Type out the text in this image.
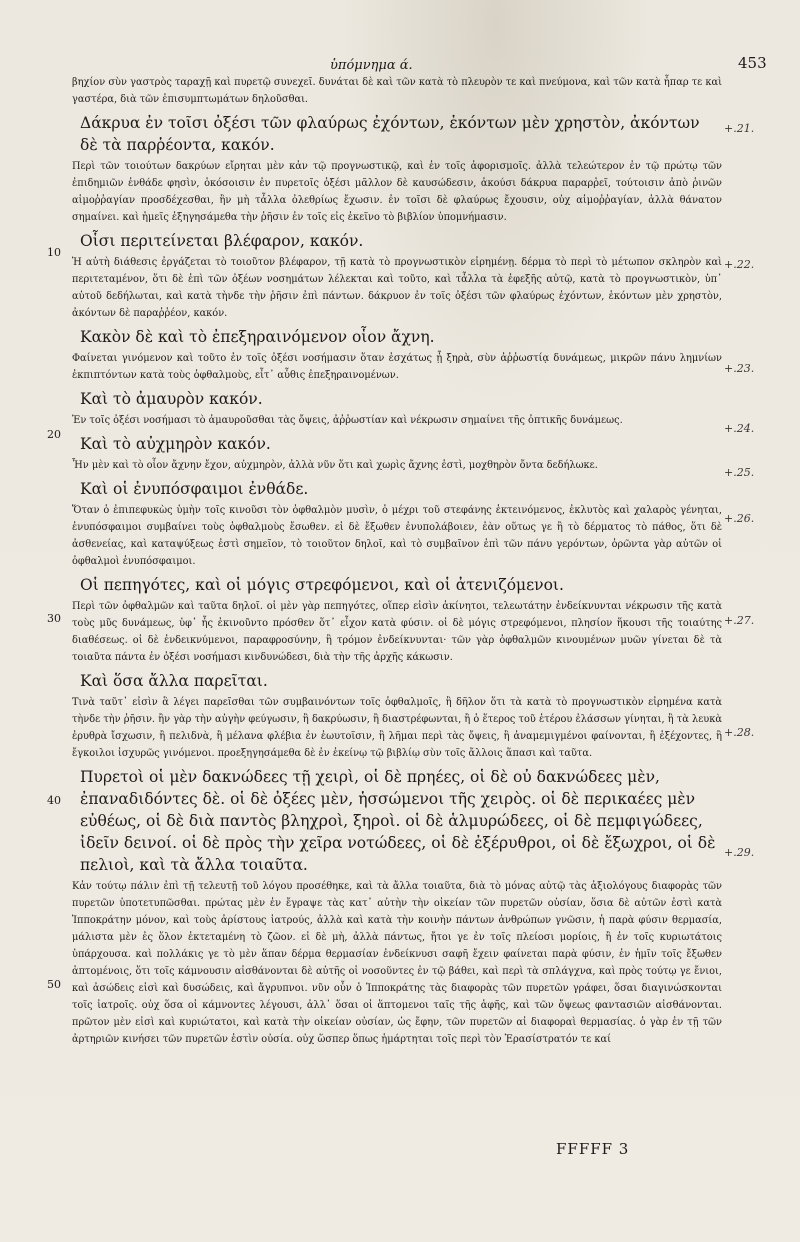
ὑπόμνημα ά.	453

βηχίον σὺν γαστρὸς ταραχῇ καὶ πυρετῷ συνεχεῖ. δυνάται δὲ καὶ τῶν κατὰ τὸ πλευρὸν τε καὶ πνεύμονα, καὶ τῶν κατὰ ἧπαρ τε καὶ γαστέρα, διὰ τῶν ἐπισυμπτωμάτων δηλοῦσθαι.

Δάκρυα ἐν τοῖσι ὀξέσι τῶν φλαύρως ἐχόντων, ἑκόντων μὲν χρηστὸν, ἀκόντων δὲ τὰ παρῥέοντα, κακόν.

Περὶ τῶν τοιούτων δακρύων εἴρηται μὲν κἀν τῷ προγνωστικῷ, καὶ ἐν τοῖς ἀφορισμοῖς. ἀλλὰ τελεώτερον ἐν τῷ πρώτῳ τῶν ἐπιδημιῶν ἐνθάδε φησὶν, ὁκόσοισιν ἐν πυρετοῖς ὀξέσι μᾶλλον δὲ καυσώδεσιν, ἀκούσι δάκρυα παραρῥεῖ, τούτοισιν ἀπὸ ῥινῶν αἱμοῤῥαγίαν προσδέχεσθαι, ἢν μὴ τἆλλα ὀλεθρίως ἔχωσιν. ἐν τοῖσι δὲ φλαύρως ἔχουσιν, οὐχ αἱμοῤῥαγίαν, ἀλλὰ θάνατον σημαίνει. καὶ ἡμεῖς ἐξηγησάμεθα τὴν ῥῆσιν ἐν τοῖς εἰς ἐκεῖνο τὸ βιβλίον ὑπομνήμασιν.

Οἷσι περιτείνεται βλέφαρον, κακόν.

Ἡ αὐτὴ διάθεσις ἐργάζεται τὸ τοιοῦτον βλέφαρον, τῇ κατὰ τὸ προγνωστικὸν εἰρημένῃ. δέρμα τὸ περὶ τὸ μέτωπον σκληρὸν καὶ περιτεταμένον, ὅτι δὲ ἐπὶ τῶν ὀξέων νοσημάτων λέλεκται καὶ τοῦτο, καὶ τἆλλα τὰ ἐφεξῆς αὐτῷ, κατὰ τὸ προγνωστικὸν, ὑπ᾽ αὐτοῦ δεδήλωται, καὶ κατὰ τὴνδε τὴν ῥῆσιν ἐπὶ πάντων. δάκρυον ἐν τοῖς ὀξέσι τῶν φλαύρως ἐχόντων, ἑκόντων μὲν χρηστὸν, ἀκόντων δὲ παραῤῥέον, κακόν.

Κακὸν δὲ καὶ τὸ ἐπεξηραινόμενον οἷον ἄχνη.

Φαίνεται γινόμενον καὶ τοῦτο ἐν τοῖς ὀξέσι νοσήμασιν ὅταν ἐσχάτως ᾖ ξηρὰ, σὺν ἀῤῥωστίᾳ δυνάμεως, μικρῶν πάνυ λημνίων ἐκπιπτόντων κατὰ τοὺς ὀφθαλμοὺς, εἶτ᾽ αὖθις ἐπεξηραινομένων.

Καὶ τὸ ἀμαυρὸν κακόν.

Ἐν τοῖς ὀξέσι νοσήμασι τὸ ἀμαυροῦσθαι τὰς ὄψεις, ἀῤῥωστίαν καὶ νέκρωσιν σημαίνει τῆς ὀπτικῆς δυνάμεως.

Καὶ τὸ αὐχμηρὸν κακόν.

Ἦν μὲν καὶ τὸ οἷον ἄχνην ἔχον, αὐχμηρὸν, ἀλλὰ νῦν ὅτι καὶ χωρὶς ἄχνης ἐστὶ, μοχθηρὸν ὄντα δεδήλωκε.

Καὶ οἱ ἐνυπόσφαιμοι ἐνθάδε.

Ὅταν ὁ ἐπιπεφυκὼς ὑμὴν τοῖς κινοῦσι τὸν ὀφθαλμὸν μυσὶν, ὁ μέχρι τοῦ στεφάνης ἐκτεινόμενος, ἐκλυτὸς καὶ χαλαρὸς γένηται, ἐνυπόσφαιμοι συμβαίνει τοὺς ὀφθαλμοὺς ἔσωθεν. εἰ δὲ ἔξωθεν ἐνυπολάβοιεν, ἐὰν οὕτως γε ἢ τὸ δέρματος τὸ πάθος, ὅτι δὲ ἀσθενείας, καὶ καταψύξεως ἐστὶ σημεῖον, τὸ τοιοῦτον δηλοῖ, καὶ τὸ συμβαῖνον ἐπὶ τῶν πάνυ γερόντων, ὁρῶντα γὰρ αὐτῶν οἱ ὀφθαλμοὶ ἐνυπόσφαιμοι.

Οἱ πεπηγότες, καὶ οἱ μόγις στρεφόμενοι, καὶ οἱ ἀτενιζόμενοι.

Περὶ τῶν ὀφθαλμῶν καὶ ταῦτα δηλοῖ. οἱ μὲν γὰρ πεπηγότες, οἵπερ εἰσὶν ἀκίνητοι, τελεωτάτην ἐνδείκνυνται νέκρωσιν τῆς κατὰ τοὺς μῦς δυνάμεως, ὑφ᾽ ἧς ἐκινοῦντο πρόσθεν ὅτ᾽ εἶχον κατὰ φύσιν. οἱ δὲ μόγις στρεφόμενοι, πλησίον ἥκουσι τῆς τοιαύτης διαθέσεως. οἱ δὲ ἐνδεικνύμενοι, παραφροσύνην, ἢ τρόμον ἐνδείκνυνται· τῶν γὰρ ὀφθαλμῶν κινουμένων μυῶν γίνεται δὲ τὰ τοιαῦτα πάντα ἐν ὀξέσι νοσήμασι κινδυνώδεσι, διὰ τὴν τῆς ἀρχῆς κάκωσιν.

Καὶ ὅσα ἄλλα παρεῖται.

Τινὰ ταῦτ᾽ εἰσὶν ἃ λέγει παρεῖσθαι τῶν συμβαινόντων τοῖς ὀφθαλμοῖς, ἢ δῆλον ὅτι τὰ κατὰ τὸ προγνωστικὸν εἰρημένα κατὰ τὴνδε τὴν ῥῆσιν. ἢν γὰρ τὴν αὐγὴν φεύγωσιν, ἢ δακρύωσιν, ἢ διαστρέφωνται, ἢ ὁ ἕτερος τοῦ ἑτέρου ἐλάσσων γίνηται, ἢ τὰ λευκὰ ἐρυθρὰ ἴσχωσιν, ἢ πελιδνὰ, ἢ μέλανα φλέβια ἐν ἑωυτοῖσιν, ἢ λῆμαι περὶ τὰς ὄψεις, ἢ ἀναμεμιγμένοι φαίνονται, ἢ ἐξέχοντες, ἢ ἔγκοιλοι ἰσχυρῶς γινόμενοι. προεξηγησάμεθα δὲ ἐν ἐκείνῳ τῷ βιβλίῳ σὺν τοῖς ἄλλοις ἅπασι καὶ ταῦτα.

Πυρετοὶ οἱ μὲν δακνώδεες τῇ χειρὶ, οἱ δὲ πρηέες, οἱ δὲ οὐ δακνώδεες μὲν, ἐπαναδιδόντες δὲ. οἱ δὲ ὀξέες μὲν, ἡσσώμενοι τῆς χειρὸς. οἱ δὲ περικαέες μὲν εὐθέως, οἱ δὲ διὰ παντὸς βληχροὶ, ξηροὶ. οἱ δὲ ἁλμυρώδεες, οἱ δὲ πεμφιγώδεες, ἰδεῖν δεινοί. οἱ δὲ πρὸς τὴν χεῖρα νοτώδεες, οἱ δὲ ἐξέρυθροι, οἱ δὲ ἔξωχροι, οἱ δὲ πελιοὶ, καὶ τὰ ἄλλα τοιαῦτα.

Κἀν τούτῳ πάλιν ἐπὶ τῇ τελευτῇ τοῦ λόγου προσέθηκε, καὶ τὰ ἄλλα τοιαῦτα, διὰ τὸ μόνας αὐτῷ τὰς ἀξιολόγους διαφορὰς τῶν πυρετῶν ὑποτετυπῶσθαι. πρώτας μὲν ἐν ἔγραψε τὰς κατ᾽ αὐτὴν τὴν οἰκείαν τῶν πυρετῶν οὐσίαν, ὅσια δὲ αὐτῶν ἐστὶ κατὰ Ἱπποκράτην μόνον, καὶ τοὺς ἀρίστους ἰατρούς, ἀλλὰ καὶ κατὰ τὴν κοινὴν πάντων ἀνθρώπων γνῶσιν, ἡ παρὰ φύσιν θερμασία, μάλιστα μὲν ἐς ὅλον ἐκτεταμένη τὸ ζῶον. εἰ δὲ μὴ, ἀλλὰ πάντως, ἤτοι γε ἐν τοῖς πλείοσι μορίοις, ἢ ἐν τοῖς κυριωτάτοις ὑπάρχουσα. καὶ πολλάκις γε τὸ μὲν ἅπαν δέρμα θερμασίαν ἐνδείκνυσι σαφῆ ἔχειν φαίνεται παρὰ φύσιν, ἐν ἡμῖν τοῖς ἔξωθεν ἁπτομένοις, ὅτι τοῖς κάμνουσιν αἰσθάνονται δὲ αὐτῆς οἱ νοσοῦντες ἐν τῷ βάθει, καὶ περὶ τὰ σπλάγχνα, καὶ πρὸς τούτῳ γε ἔνιοι, καὶ ἀσώδεις εἰσὶ καὶ δυσώδεις, καὶ ἄγρυπνοι. νῦν οὖν ὁ Ἱπποκράτης τὰς διαφορὰς τῶν πυρετῶν γράφει, ὅσαι διαγινώσκονται τοῖς ἰατροῖς. οὐχ ὅσα οἱ κάμνοντες λέγουσι, ἀλλ᾽ ὅσαι οἱ ἅπτομενοι ταῖς τῆς ἁφῆς, καὶ τῶν ὄψεως φαντασιῶν αἰσθάνονται. πρῶτον μὲν εἰσὶ καὶ κυριώτατοι, καὶ κατὰ τὴν οἰκείαν οὐσίαν, ὡς ἔφην, τῶν πυρετῶν αἱ διαφοραὶ θερμασίας. ὁ γὰρ ἐν τῇ τῶν ἀρτηριῶν κινήσει τῶν πυρετῶν ἐστὶν οὐσία. οὐχ ὥσπερ ὅπως ἡμάρτηται τοῖς περὶ τὸν Ἐρασίστρατόν τε καί

10
20
30
40
50
+.21.
+.22.
+.23.
+.24.
+.25.
+.26.
+.27.
+.28.
+.29.
FFFFF 3
